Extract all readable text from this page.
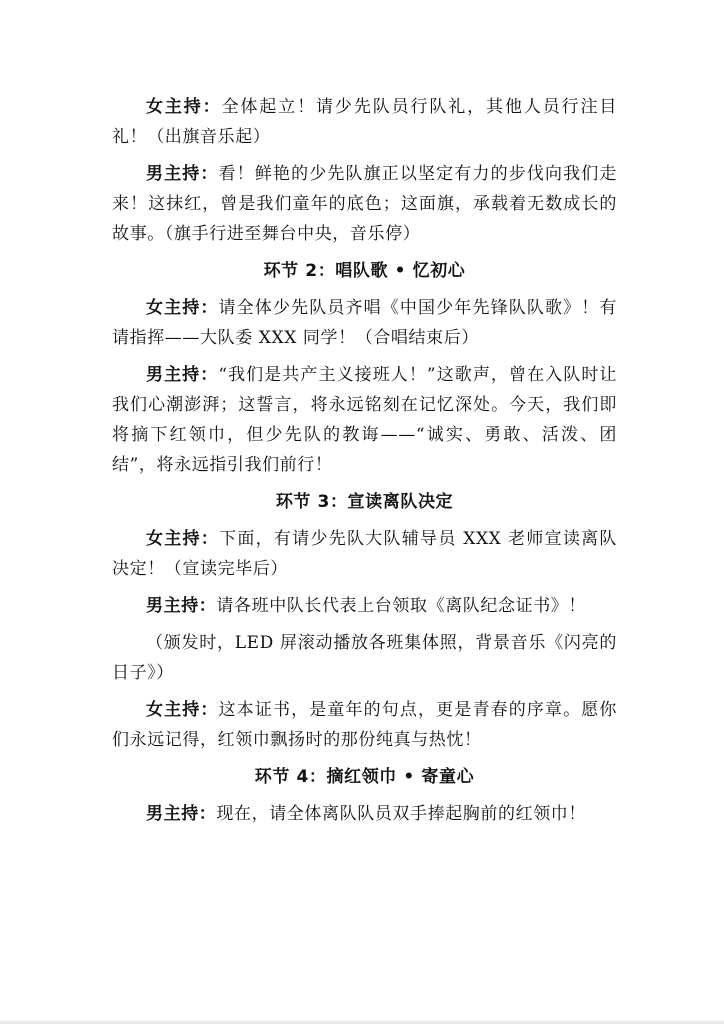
女主持：全体起立！请少先队员行队礼，其他人员行注目礼！（出旗音乐起）

男主持：看！鲜艳的少先队旗正以坚定有力的步伐向我们走来！这抹红，曾是我们童年的底色；这面旗，承载着无数成长的故事。（旗手行进至舞台中央，音乐停）

环节 2：唱队歌 • 忆初心

女主持：请全体少先队员齐唱《中国少年先锋队队歌》！有请指挥——大队委 XXX 同学！（合唱结束后）

男主持：“我们是共产主义接班人！”这歌声，曾在入队时让我们心潮澎湃；这誓言，将永远铭刻在记忆深处。今天，我们即将摘下红领巾，但少先队的教诲——“诚实、勇敢、活泼、团结”，将永远指引我们前行！

环节 3：宣读离队决定

女主持：下面，有请少先队大队辅导员 XXX 老师宣读离队决定！（宣读完毕后）

男主持：请各班中队长代表上台领取《离队纪念证书》！

（颁发时，LED 屏滚动播放各班集体照，背景音乐《闪亮的日子》）

女主持：这本证书，是童年的句点，更是青春的序章。愿你们永远记得，红领巾飘扬时的那份纯真与热忱！

环节 4：摘红领巾 • 寄童心

男主持：现在，请全体离队队员双手捧起胸前的红领巾！
